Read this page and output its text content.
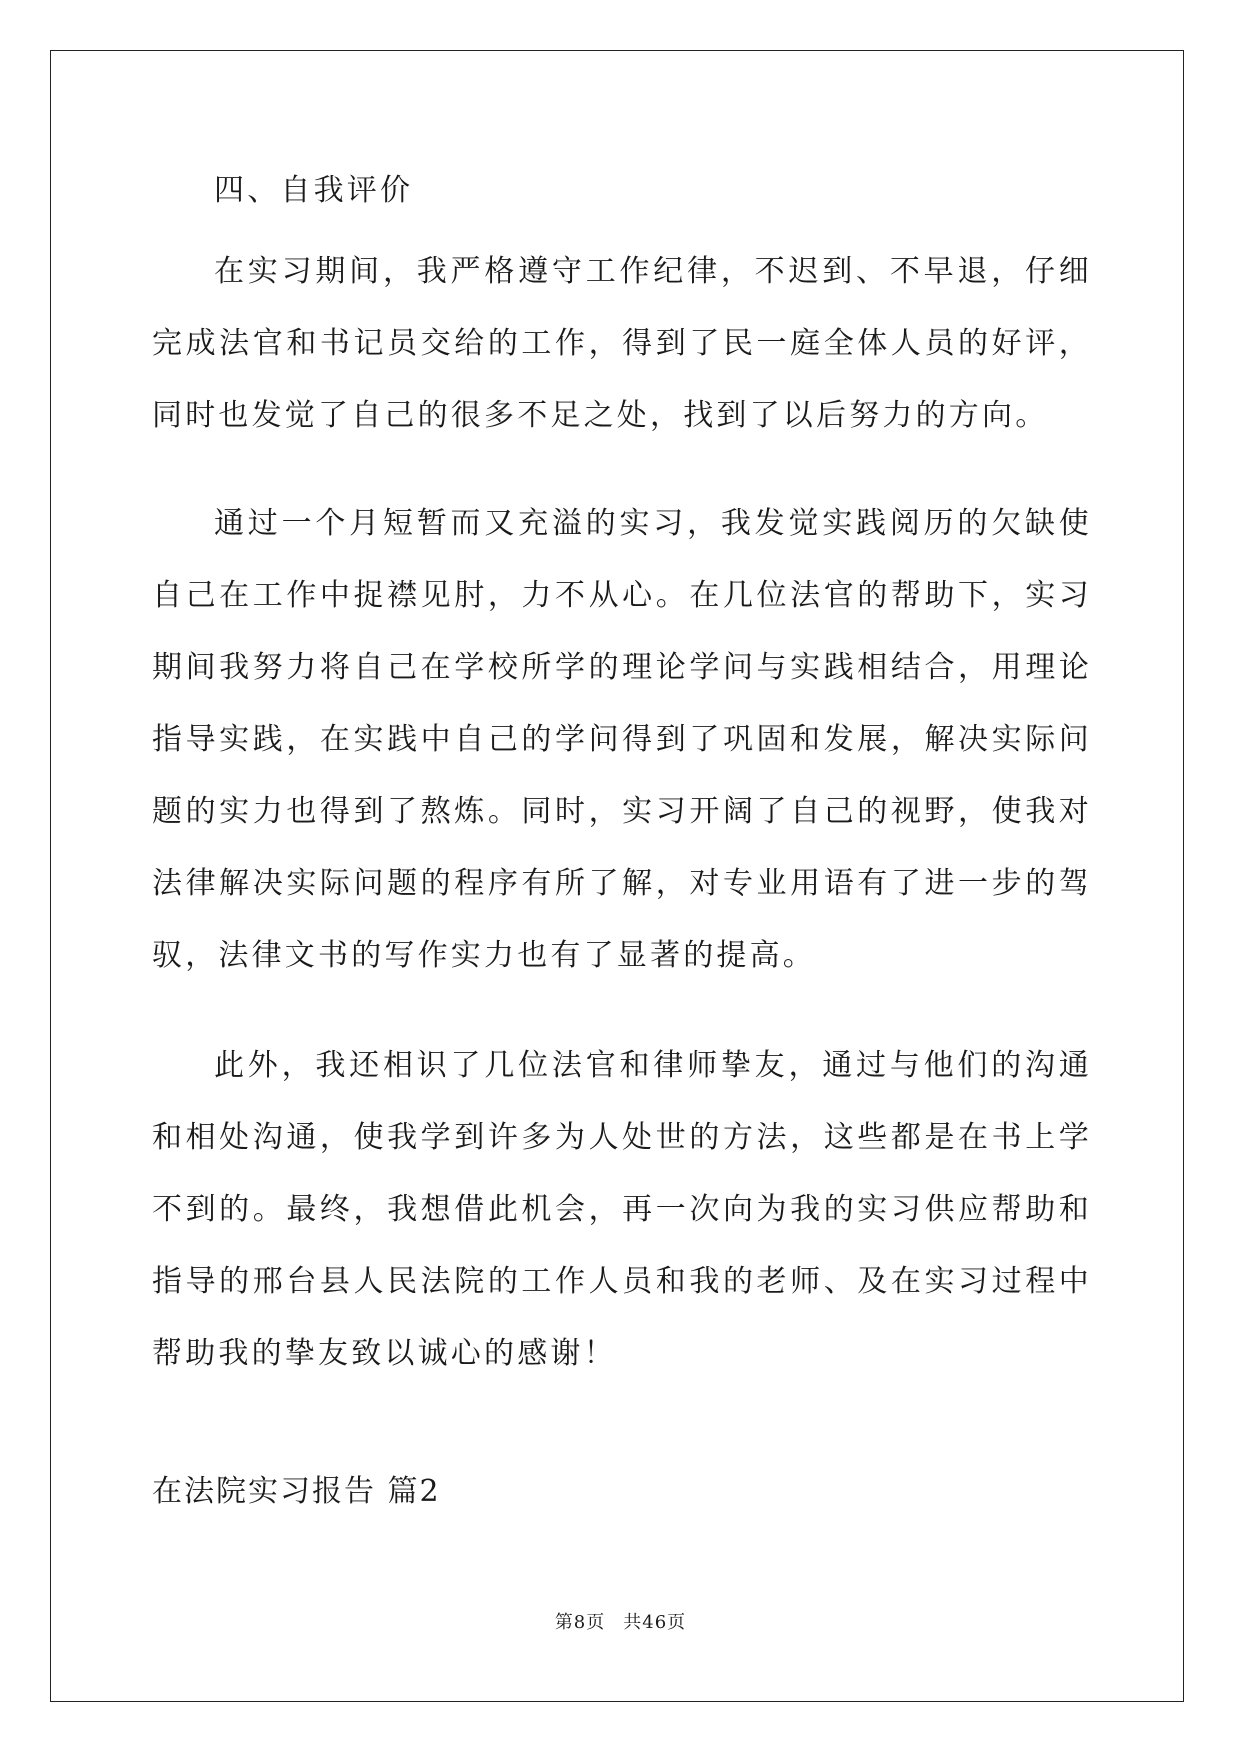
四、自我评价

在实习期间，我严格遵守工作纪律，不迟到、不早退，仔细完成法官和书记员交给的工作，得到了民一庭全体人员的好评，同时也发觉了自己的很多不足之处，找到了以后努力的方向。

通过一个月短暂而又充溢的实习，我发觉实践阅历的欠缺使自己在工作中捉襟见肘，力不从心。在几位法官的帮助下，实习期间我努力将自己在学校所学的理论学问与实践相结合，用理论指导实践，在实践中自己的学问得到了巩固和发展，解决实际问题的实力也得到了熬炼。同时，实习开阔了自己的视野，使我对法律解决实际问题的程序有所了解，对专业用语有了进一步的驾驭，法律文书的写作实力也有了显著的提高。

此外，我还相识了几位法官和律师挚友，通过与他们的沟通和相处沟通，使我学到许多为人处世的方法，这些都是在书上学不到的。最终，我想借此机会，再一次向为我的实习供应帮助和指导的邢台县人民法院的工作人员和我的老师、及在实习过程中帮助我的挚友致以诚心的感谢！

在法院实习报告 篇2

第8页 共46页
